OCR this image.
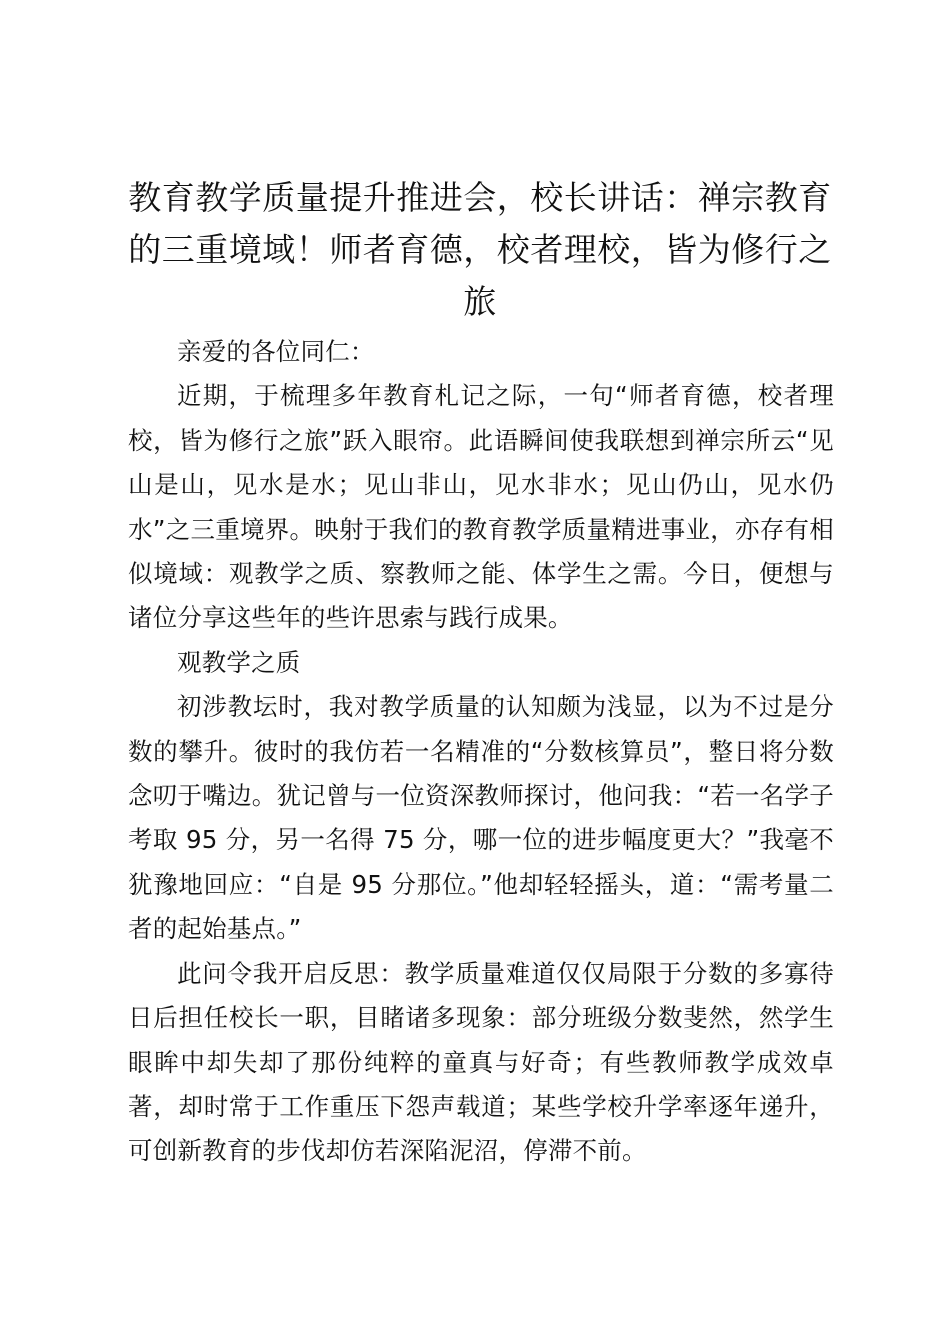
教育教学质量提升推进会，校长讲话：禅宗教育的三重境域！师者育德，校者理校，皆为修行之旅

亲爱的各位同仁：

近期，于梳理多年教育札记之际，一句“师者育德，校者理校，皆为修行之旅”跃入眼帘。此语瞬间使我联想到禅宗所云“见山是山，见水是水；见山非山，见水非水；见山仍山，见水仍水”之三重境界。映射于我们的教育教学质量精进事业，亦存有相似境域：观教学之质、察教师之能、体学生之需。今日，便想与诸位分享这些年的些许思索与践行成果。

观教学之质

初涉教坛时，我对教学质量的认知颇为浅显，以为不过是分数的攀升。彼时的我仿若一名精准的“分数核算员”，整日将分数念叨于嘴边。犹记曾与一位资深教师探讨，他问我：“若一名学子考取 95 分，另一名得 75 分，哪一位的进步幅度更大？”我毫不犹豫地回应：“自是 95 分那位。”他却轻轻摇头，道：“需考量二者的起始基点。”

此问令我开启反思：教学质量难道仅仅局限于分数的多寡待日后担任校长一职，目睹诸多现象：部分班级分数斐然，然学生眼眸中却失却了那份纯粹的童真与好奇；有些教师教学成效卓著，却时常于工作重压下怨声载道；某些学校升学率逐年递升，可创新教育的步伐却仿若深陷泥沼，停滞不前。
